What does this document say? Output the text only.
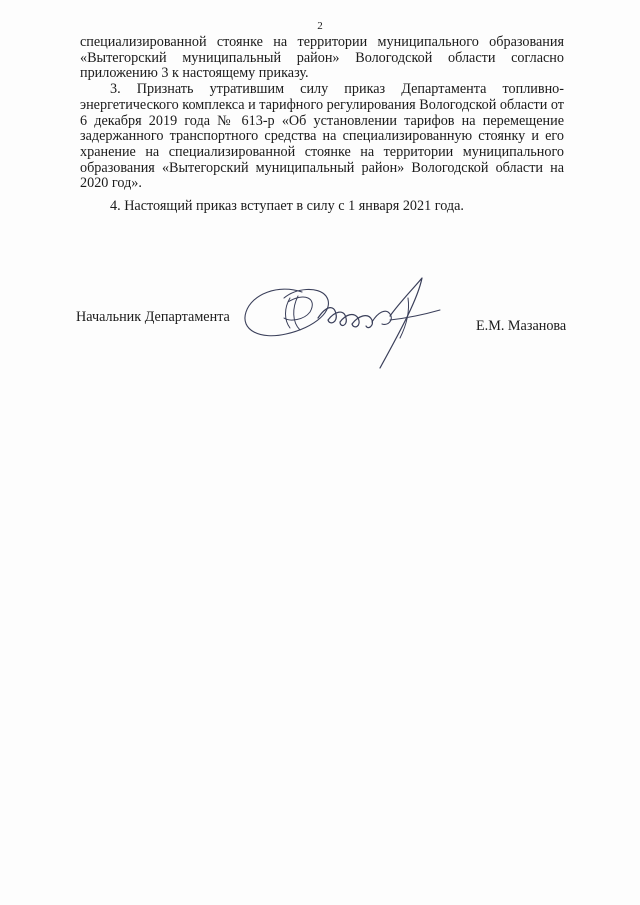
2

специализированной стоянке на территории муниципального образования «Вытегорский муниципальный район» Вологодской области согласно приложению 3 к настоящему приказу.

3. Признать утратившим силу приказ Департамента топливно-энергетического комплекса и тарифного регулирования Вологодской области от 6 декабря 2019 года № 613-р «Об установлении тарифов на перемещение задержанного транспортного средства на специализированную стоянку и его хранение на специализированной стоянке на территории муниципального образования «Вытегорский муниципальный район» Вологодской области на 2020 год».

4. Настоящий приказ вступает в силу с 1 января 2021 года.

Начальник Департамента
Е.М. Мазанова
